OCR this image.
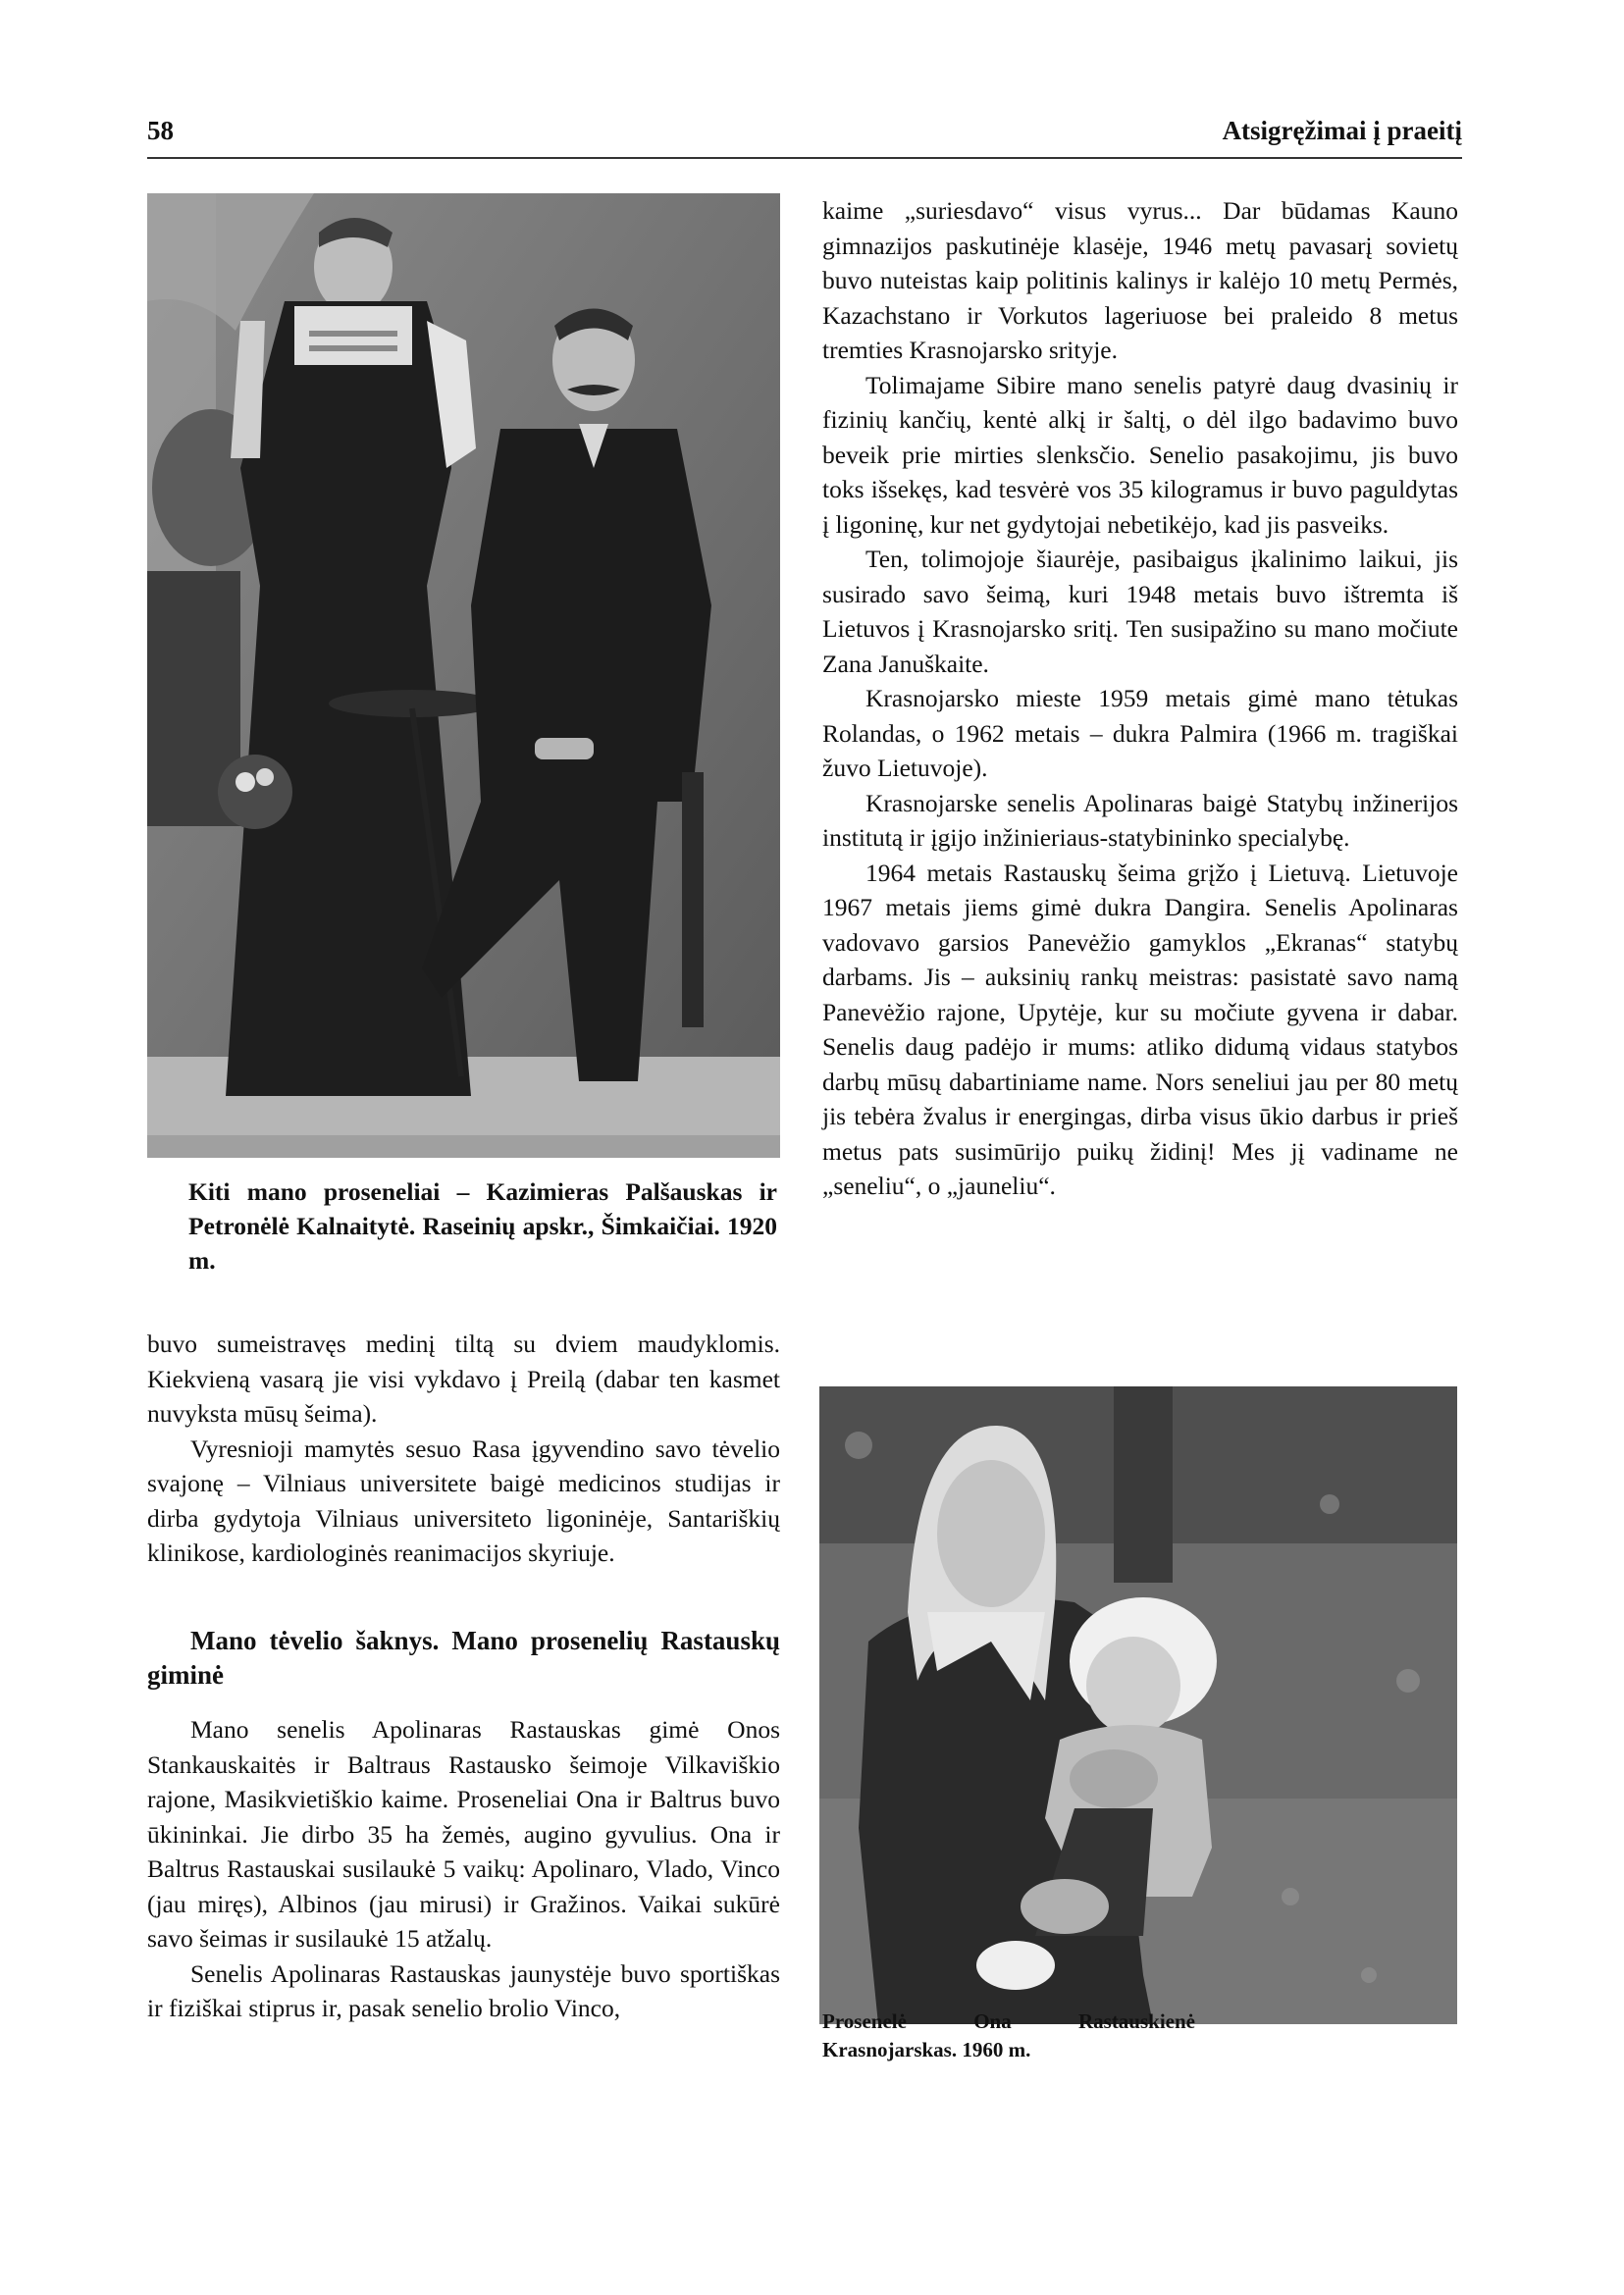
58	Atsigręžimai į praeitį
Kiti mano proseneliai – Kazimieras Palšauskas ir Petronėlė Kalnaitytė. Raseinių apskr., Šimkaičiai. 1920 m.

buvo sumeistravęs medinį tiltą su dviem maudyklomis. Kiekvieną vasarą jie visi vykdavo į Preilą (dabar ten kasmet nuvyksta mūsų šeima).

Vyresnioji mamytės sesuo Rasa įgyvendino savo tėvelio svajonę – Vilniaus universitete baigė medicinos studijas ir dirba gydytoja Vilniaus universiteto ligoninėje, Santariškių klinikose, kardiologinės reanimacijos skyriuje.

Mano tėvelio šaknys. Mano prosenelių Rastauskų giminė

Mano senelis Apolinaras Rastauskas gimė Onos Stankauskaitės ir Baltraus Rastausko šeimoje Vilkaviškio rajone, Masikvietiškio kaime. Proseneliai Ona ir Baltrus buvo ūkininkai. Jie dirbo 35 ha žemės, augino gyvulius. Ona ir Baltrus Rastauskai susilaukė 5 vaikų: Apolinaro, Vlado, Vinco (jau miręs), Albinos (jau mirusi) ir Gražinos. Vaikai sukūrė savo šeimas ir susilaukė 15 atžalų.

Senelis Apolinaras Rastauskas jaunystėje buvo sportiškas ir fiziškai stiprus ir, pasak senelio brolio Vinco,

kaime „suriesdavo“ visus vyrus... Dar būdamas Kauno gimnazijos paskutinėje klasėje, 1946 metų pavasarį sovietų buvo nuteistas kaip politinis kalinys ir kalėjo 10 metų Permės, Kazachstano ir Vorkutos lageriuose bei praleido 8 metus tremties Krasnojarsko srityje.

Tolimajame Sibire mano senelis patyrė daug dvasinių ir fizinių kančių, kentė alkį ir šaltį, o dėl ilgo badavimo buvo beveik prie mirties slenksčio. Senelio pasakojimu, jis buvo toks išsekęs, kad tesvėrė vos 35 kilogramus ir buvo paguldytas į ligoninę, kur net gydytojai nebetikėjo, kad jis pasveiks.

Ten, tolimojoje šiaurėje, pasibaigus įkalinimo laikui, jis susirado savo šeimą, kuri 1948 metais buvo ištremta iš Lietuvos į Krasnojarsko sritį. Ten susipažino su mano močiute Zana Januškaite.

Krasnojarsko mieste 1959 metais gimė mano tėtukas Rolandas, o 1962 metais – dukra Palmira (1966 m. tragiškai žuvo Lietuvoje).

Krasnojarske senelis Apolinaras baigė Statybų inžinerijos institutą ir įgijo inžinieriaus-statybininko specialybę.

1964 metais Rastauskų šeima grįžo į Lietuvą. Lietuvoje 1967 metais jiems gimė dukra Dangira. Senelis Apolinaras vadovavo garsios Panevėžio gamyklos „Ekranas“ statybų darbams. Jis – auksinių rankų meistras: pasistatė savo namą Panevėžio rajone, Upytėje, kur su močiute gyvena ir dabar. Senelis daug padėjo ir mums: atliko didumą vidaus statybos darbų mūsų dabartiniame name. Nors seneliui jau per 80 metų jis tebėra žvalus ir energingas, dirba visus ūkio darbus ir prieš metus pats susimūrijo puikų židinį! Mes jį vadiname ne „seneliu“, o „jauneliu“.

Prosenelė Ona Rastauskienė
Krasnojarskas. 1960 m.
